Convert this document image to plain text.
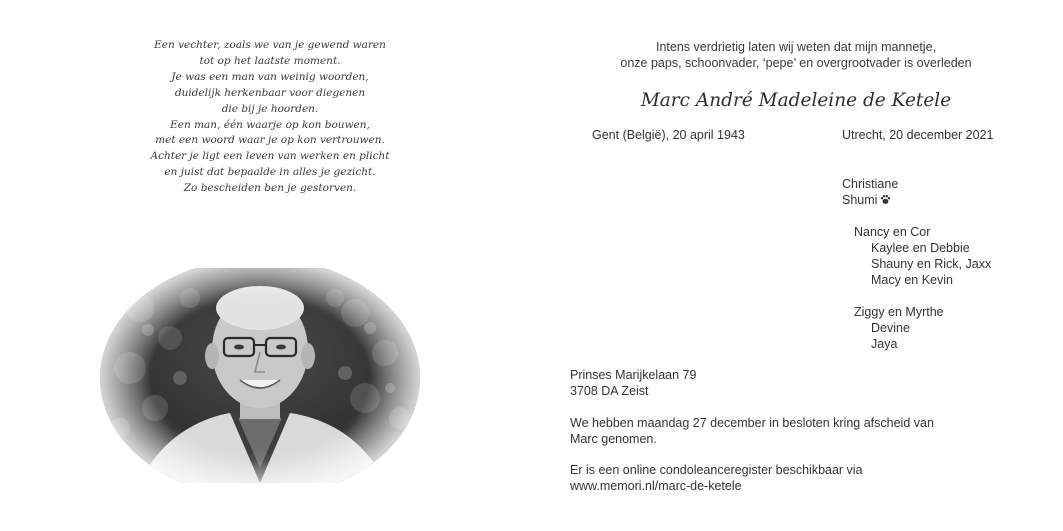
Een vechter, zoals we van je gewend waren
tot op het laatste moment.
Je was een man van weinig woorden,
duidelijk herkenbaar voor diegenen
die bij je hoorden.
Een man, één waarje op kon bouwen,
met een woord waar je op kon vertrouwen.
Achter je ligt een leven van werken en plicht
en juist dat bepaalde in alles je gezicht.
Zo bescheiden ben je gestorven.
Intens verdrietig laten wij weten dat mijn mannetje,
onze paps, schoonvader, ‘pepe’ en overgrootvader is overleden
Marc André Madeleine de Ketele
Gent (België), 20 april 1943	Utrecht, 20 december 2021
Christiane
Shumi
Nancy en Cor
Kaylee en Debbie
Shauny en Rick, Jaxx
Macy en Kevin
Ziggy en Myrthe
Devine
Jaya
Prinses Marijkelaan 79
3708 DA Zeist
We hebben maandag 27 december in besloten kring afscheid van
Marc genomen.
Er is een online condoleanceregister beschikbaar via
www.memori.nl/marc-de-ketele
